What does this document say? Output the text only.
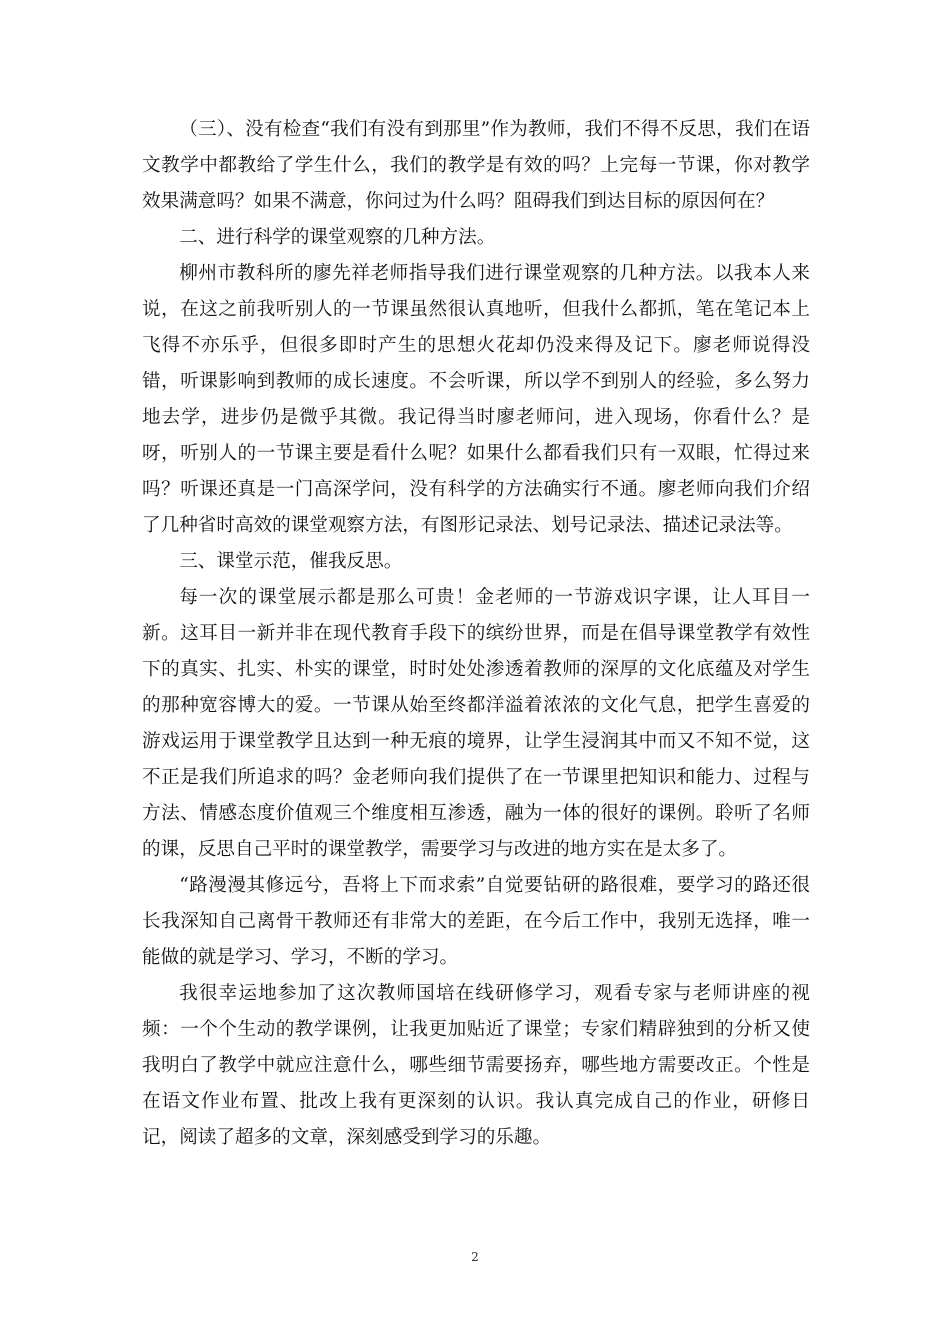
（三）、没有检查“我们有没有到那里”作为教师，我们不得不反思，我们在语文教学中都教给了学生什么，我们的教学是有效的吗？上完每一节课，你对教学效果满意吗？如果不满意，你问过为什么吗？阻碍我们到达目标的原因何在？

二、进行科学的课堂观察的几种方法。

柳州市教科所的廖先祥老师指导我们进行课堂观察的几种方法。以我本人来说，在这之前我听别人的一节课虽然很认真地听，但我什么都抓，笔在笔记本上飞得不亦乐乎，但很多即时产生的思想火花却仍没来得及记下。廖老师说得没错，听课影响到教师的成长速度。不会听课，所以学不到别人的经验，多么努力地去学，进步仍是微乎其微。我记得当时廖老师问，进入现场，你看什么？是呀，听别人的一节课主要是看什么呢？如果什么都看我们只有一双眼，忙得过来吗？听课还真是一门高深学问，没有科学的方法确实行不通。廖老师向我们介绍了几种省时高效的课堂观察方法，有图形记录法、划号记录法、描述记录法等。

三、课堂示范，催我反思。

每一次的课堂展示都是那么可贵！金老师的一节游戏识字课，让人耳目一新。这耳目一新并非在现代教育手段下的缤纷世界，而是在倡导课堂教学有效性下的真实、扎实、朴实的课堂，时时处处渗透着教师的深厚的文化底蕴及对学生的那种宽容博大的爱。一节课从始至终都洋溢着浓浓的文化气息，把学生喜爱的游戏运用于课堂教学且达到一种无痕的境界，让学生浸润其中而又不知不觉，这不正是我们所追求的吗？金老师向我们提供了在一节课里把知识和能力、过程与方法、情感态度价值观三个维度相互渗透，融为一体的很好的课例。聆听了名师的课，反思自己平时的课堂教学，需要学习与改进的地方实在是太多了。

“路漫漫其修远兮，吾将上下而求索”自觉要钻研的路很难，要学习的路还很长我深知自己离骨干教师还有非常大的差距，在今后工作中，我别无选择，唯一能做的就是学习、学习，不断的学习。

我很幸运地参加了这次教师国培在线研修学习，观看专家与老师讲座的视频：一个个生动的教学课例，让我更加贴近了课堂；专家们精辟独到的分析又使我明白了教学中就应注意什么，哪些细节需要扬弃，哪些地方需要改正。个性是在语文作业布置、批改上我有更深刻的认识。我认真完成自己的作业，研修日记，阅读了超多的文章，深刻感受到学习的乐趣。

2
